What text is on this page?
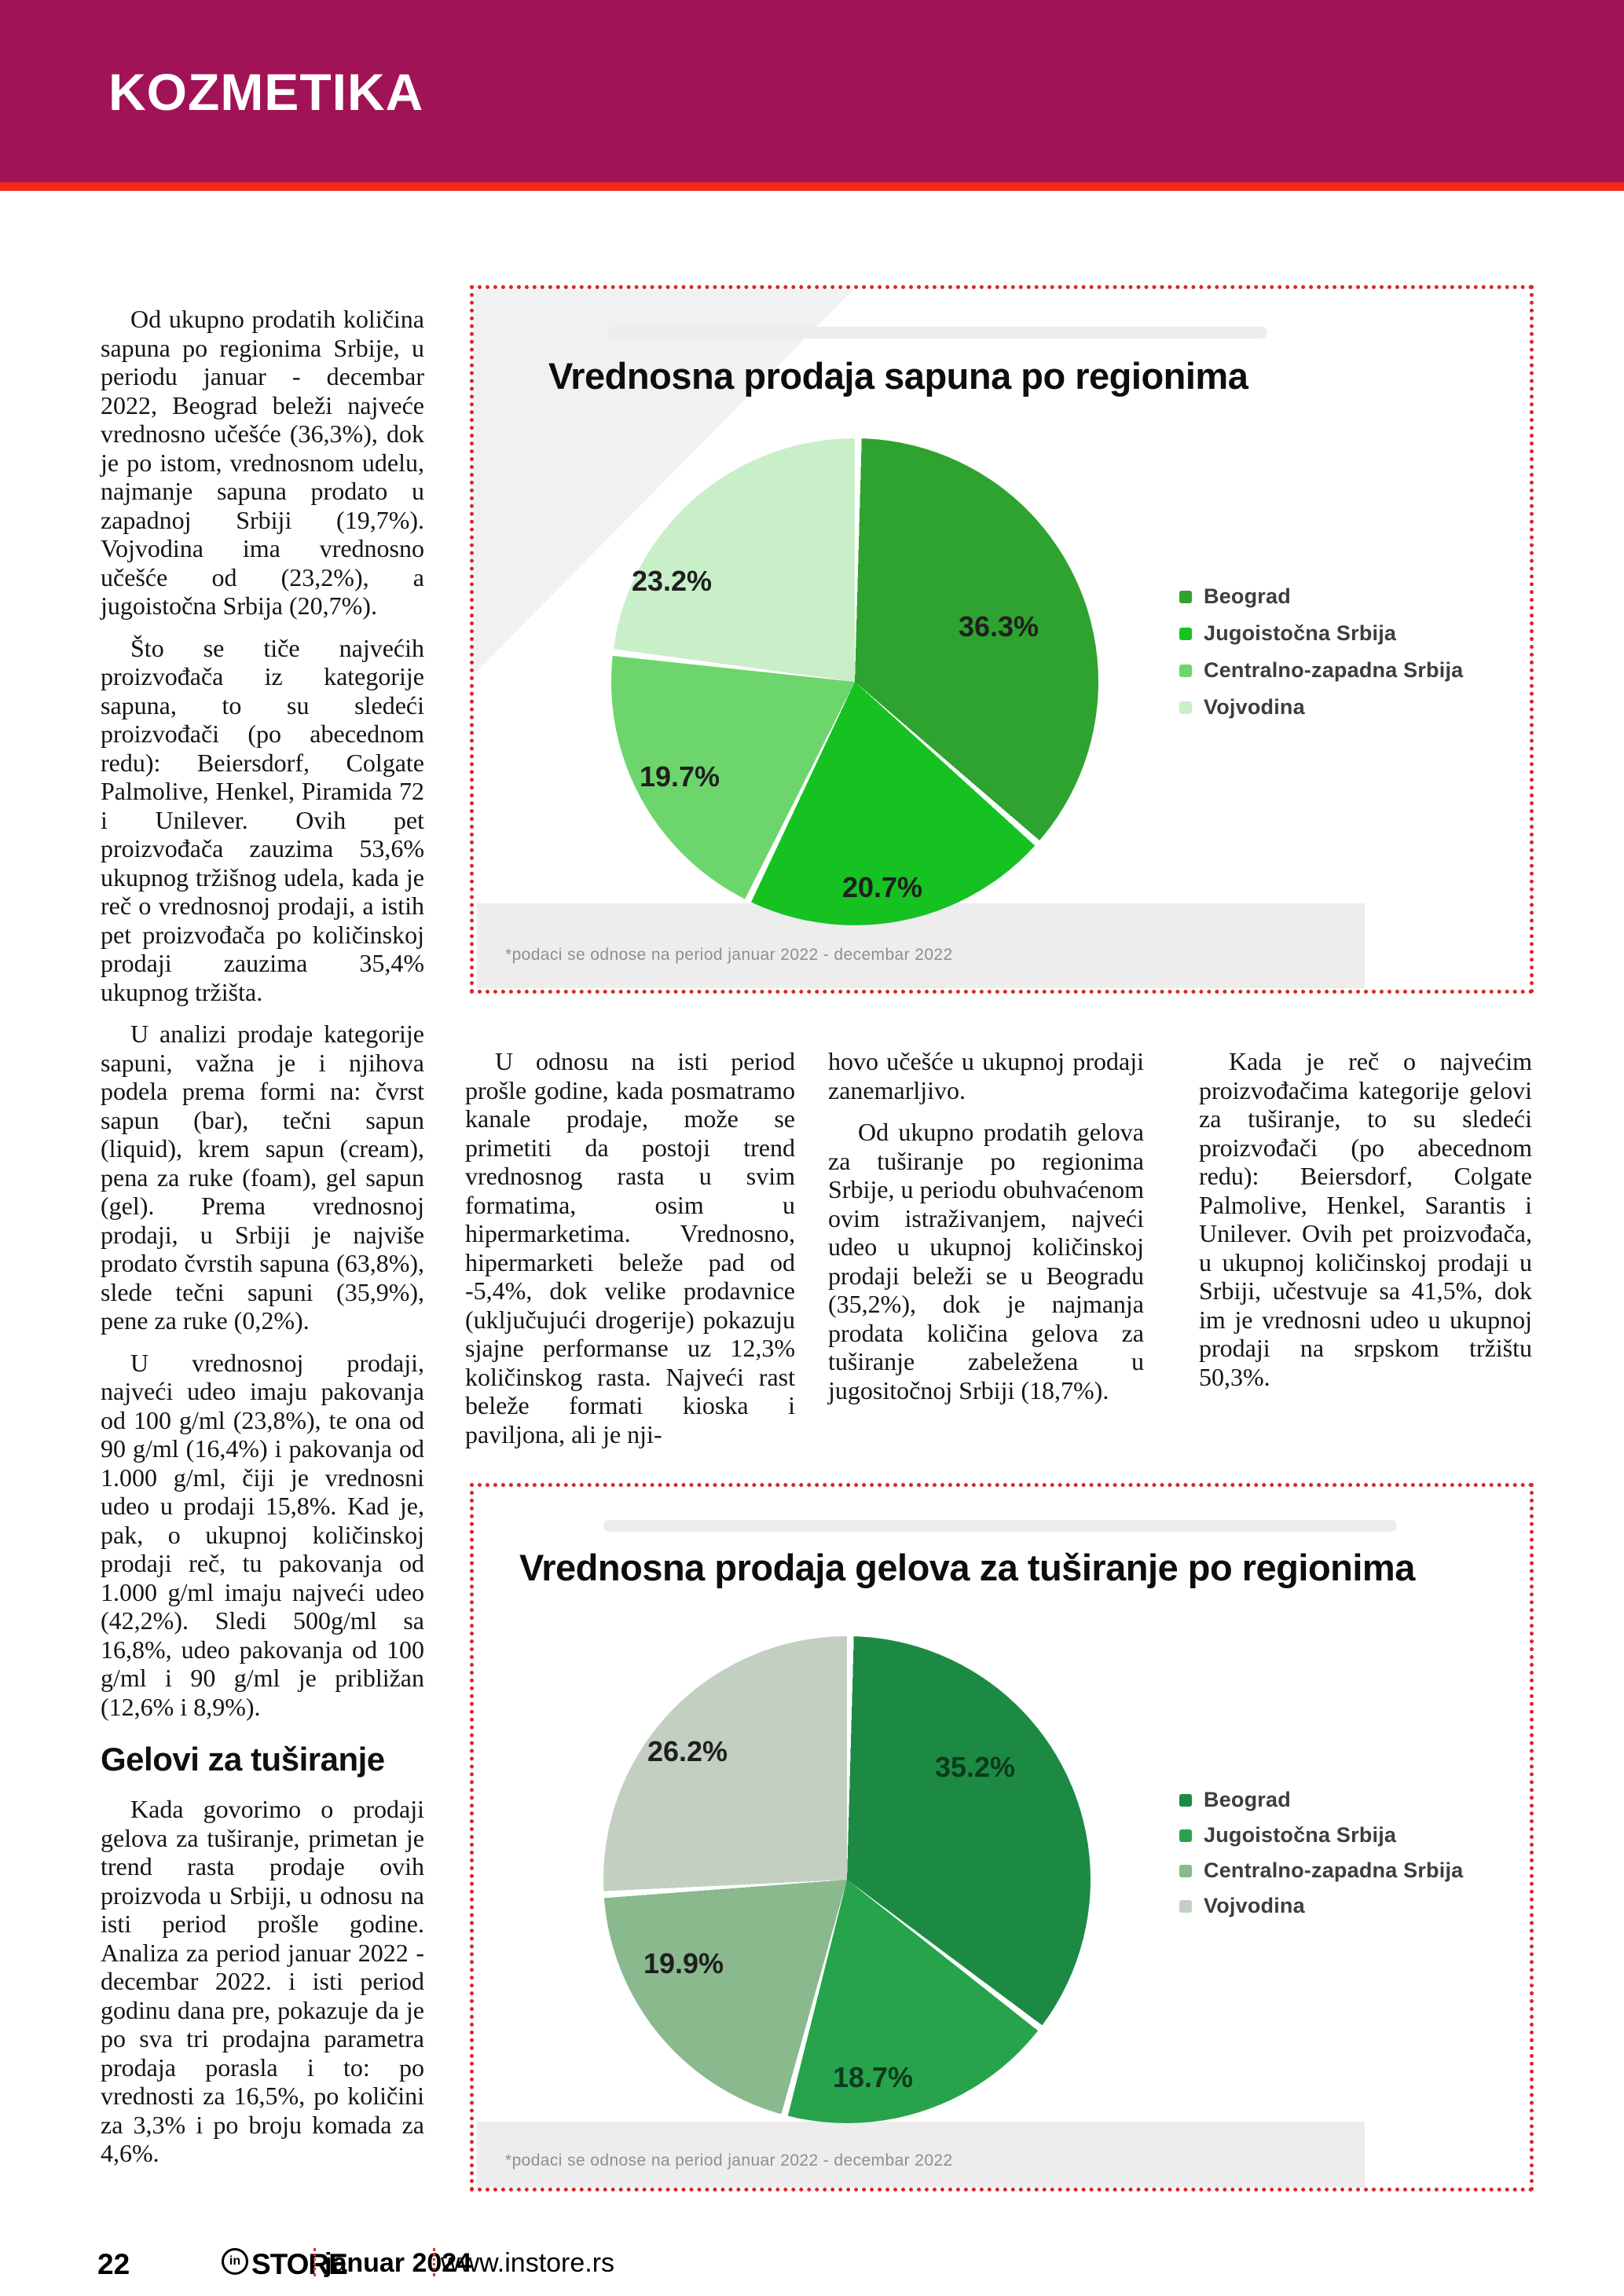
KOZMETIKA

Od ukupno prodatih količina sapuna po regionima Srbije, u periodu januar - decembar 2022, Beograd beleži najveće vrednosno učešće (36,3%), dok je po istom, vrednosnom udelu, najmanje sapuna prodato u zapadnoj Srbiji (19,7%). Vojvodina ima vrednosno učešće od (23,2%), a jugoistočna Srbija (20,7%).

Što se tiče najvećih proizvođača iz kategorije sapuna, to su sledeći proizvođači (po abecednom redu): Beiersdorf, Colgate Palmolive, Henkel, Piramida 72 i Unilever. Ovih pet proizvođača zauzima 53,6% ukupnog tržišnog udela, kada je reč o vrednosnoj prodaji, a istih pet proizvođača po količinskoj prodaji zauzima 35,4% ukupnog tržišta.

U analizi prodaje kategorije sapuni, važna je i njihova podela prema formi na: čvrst sapun (bar), tečni sapun (liquid), krem sapun (cream), pena za ruke (foam), gel sapun (gel). Prema vrednosnoj prodaji, u Srbiji je najviše prodato čvrstih sapuna (63,8%), slede tečni sapuni (35,9%), pene za ruke (0,2%).

U vrednosnoj prodaji, najveći udeo imaju pakovanja od 100 g/ml (23,8%), te ona od 90 g/ml (16,4%) i pakovanja od 1.000 g/ml, čiji je vrednosni udeo u prodaji 15,8%. Kad je, pak, o ukupnoj količinskoj prodaji reč, tu pakovanja od 1.000 g/ml imaju najveći udeo (42,2%). Sledi 500g/ml sa 16,8%, udeo pakovanja od 100 g/ml i 90 g/ml je približan (12,6% i 8,9%).

Gelovi za tuširanje

Kada govorimo o prodaji gelova za tuširanje, primetan je trend rasta prodaje ovih proizvoda u Srbiji, u odnosu na isti period prošle godine. Analiza za period januar 2022 - decembar 2022. i isti period godinu dana pre, pokazuje da je po sva tri prodajna parametra prodaja porasla i to: po vrednosti za 16,5%, po količini za 3,3% i po broju komada za 4,6%.

U odnosu na isti period prošle godine, kada posmatramo kanale prodaje, može se primetiti da postoji trend vrednosnog rasta u svim formatima, osim u hipermarketima. Vrednosno, hipermarketi beleže pad od -5,4%, dok velike prodavnice (uključujući drogerije) pokazuju sjajne performanse uz 12,3% količinskog rasta. Najveći rast beleže formati kioska i paviljona, ali je nji-

hovo učešće u ukupnoj prodaji zanemarljivo.

Od ukupno prodatih gelova za tuširanje po regionima Srbije, u periodu obuhvaćenom ovim istraživanjem, najveći udeo u ukupnoj količinskoj prodaji beleži se u Beogradu (35,2%), dok je najmanja prodata količina gelova za tuširanje zabeležena u jugositočnoj Srbiji (18,7%).

Kada je reč o najvećim proizvođačima kategorije gelovi za tuširanje, to su sledeći proizvođači (po abecednom redu): Beiersdorf, Colgate Palmolive, Henkel, Sarantis i Unilever. Ovih pet proizvođača, u ukupnoj količinskoj prodaji u Srbiji, učestvuje sa 41,5%, dok im je vrednosni udeo u ukupnoj prodaji na srpskom tržištu 50,3%.

Vrednosna prodaja sapuna po regionima
36.3%
20.7%
19.7%
23.2%	Beograd
Jugoistočna Srbija
Centralno-zapadna Srbija
Vojvodina
*podaci se odnose na period januar 2022 - decembar 2022
Vrednosna prodaja gelova za tuširanje po regionima
35.2%
18.7%
19.9%
26.2%
Beograd
Jugoistočna Srbija
Centralno-zapadna Srbija
Vojvodina
*podaci se odnose na period januar 2022 - decembar 2022
22	in STORE
januar 2024
www.instore.rs
